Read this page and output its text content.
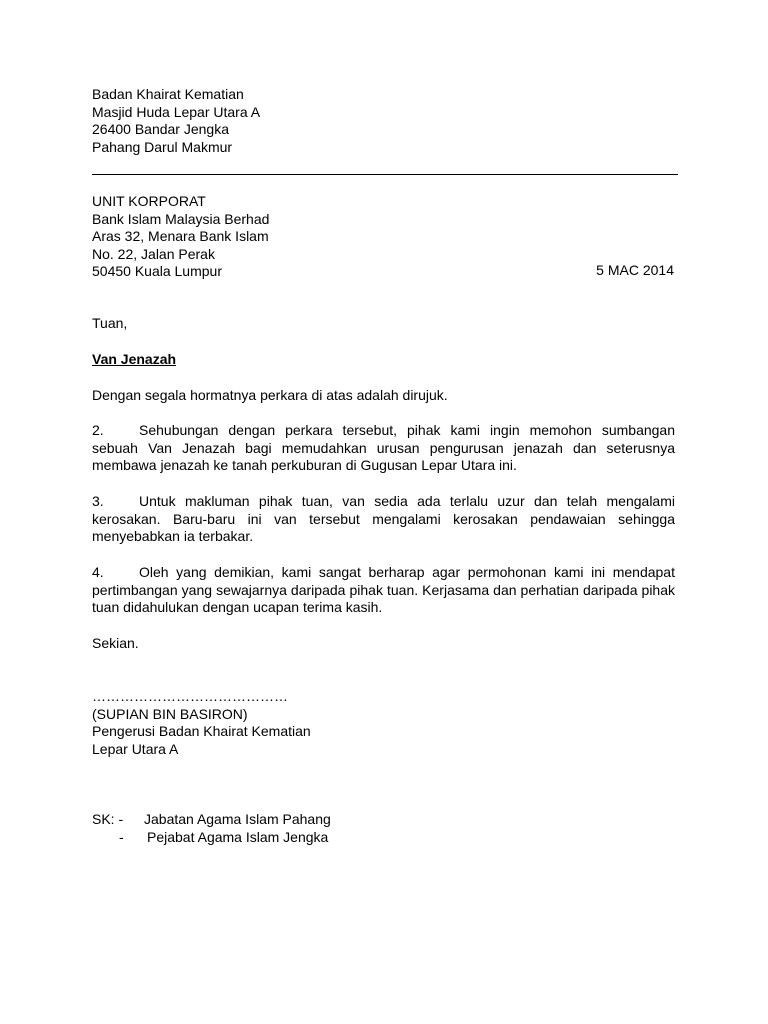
Badan Khairat Kematian
Masjid Huda Lepar Utara A
26400 Bandar Jengka
Pahang Darul Makmur
UNIT KORPORAT
Bank Islam Malaysia Berhad
Aras 32, Menara Bank Islam
No. 22, Jalan Perak
50450 Kuala Lumpur	5 MAC 2014
Tuan,
Van Jenazah
Dengan segala hormatnya perkara di atas adalah dirujuk.
2.	Sehubungan dengan perkara tersebut, pihak kami ingin memohon sumbangan sebuah Van Jenazah bagi memudahkan urusan pengurusan jenazah dan seterusnya membawa jenazah ke tanah perkuburan di Gugusan Lepar Utara ini.
3.	Untuk makluman pihak tuan, van sedia ada terlalu uzur dan telah mengalami kerosakan. Baru-baru ini van tersebut mengalami kerosakan pendawaian sehingga menyebabkan ia terbakar.
4.	Oleh yang demikian, kami sangat berharap agar permohonan kami ini mendapat pertimbangan yang sewajarnya daripada pihak tuan. Kerjasama dan perhatian daripada pihak tuan didahulukan dengan ucapan terima kasih.
Sekian.
……………………………………
(SUPIAN BIN BASIRON)
Pengerusi Badan Khairat Kematian
Lepar Utara A
SK: - Jabatan Agama Islam Pahang
- Pejabat Agama Islam Jengka
